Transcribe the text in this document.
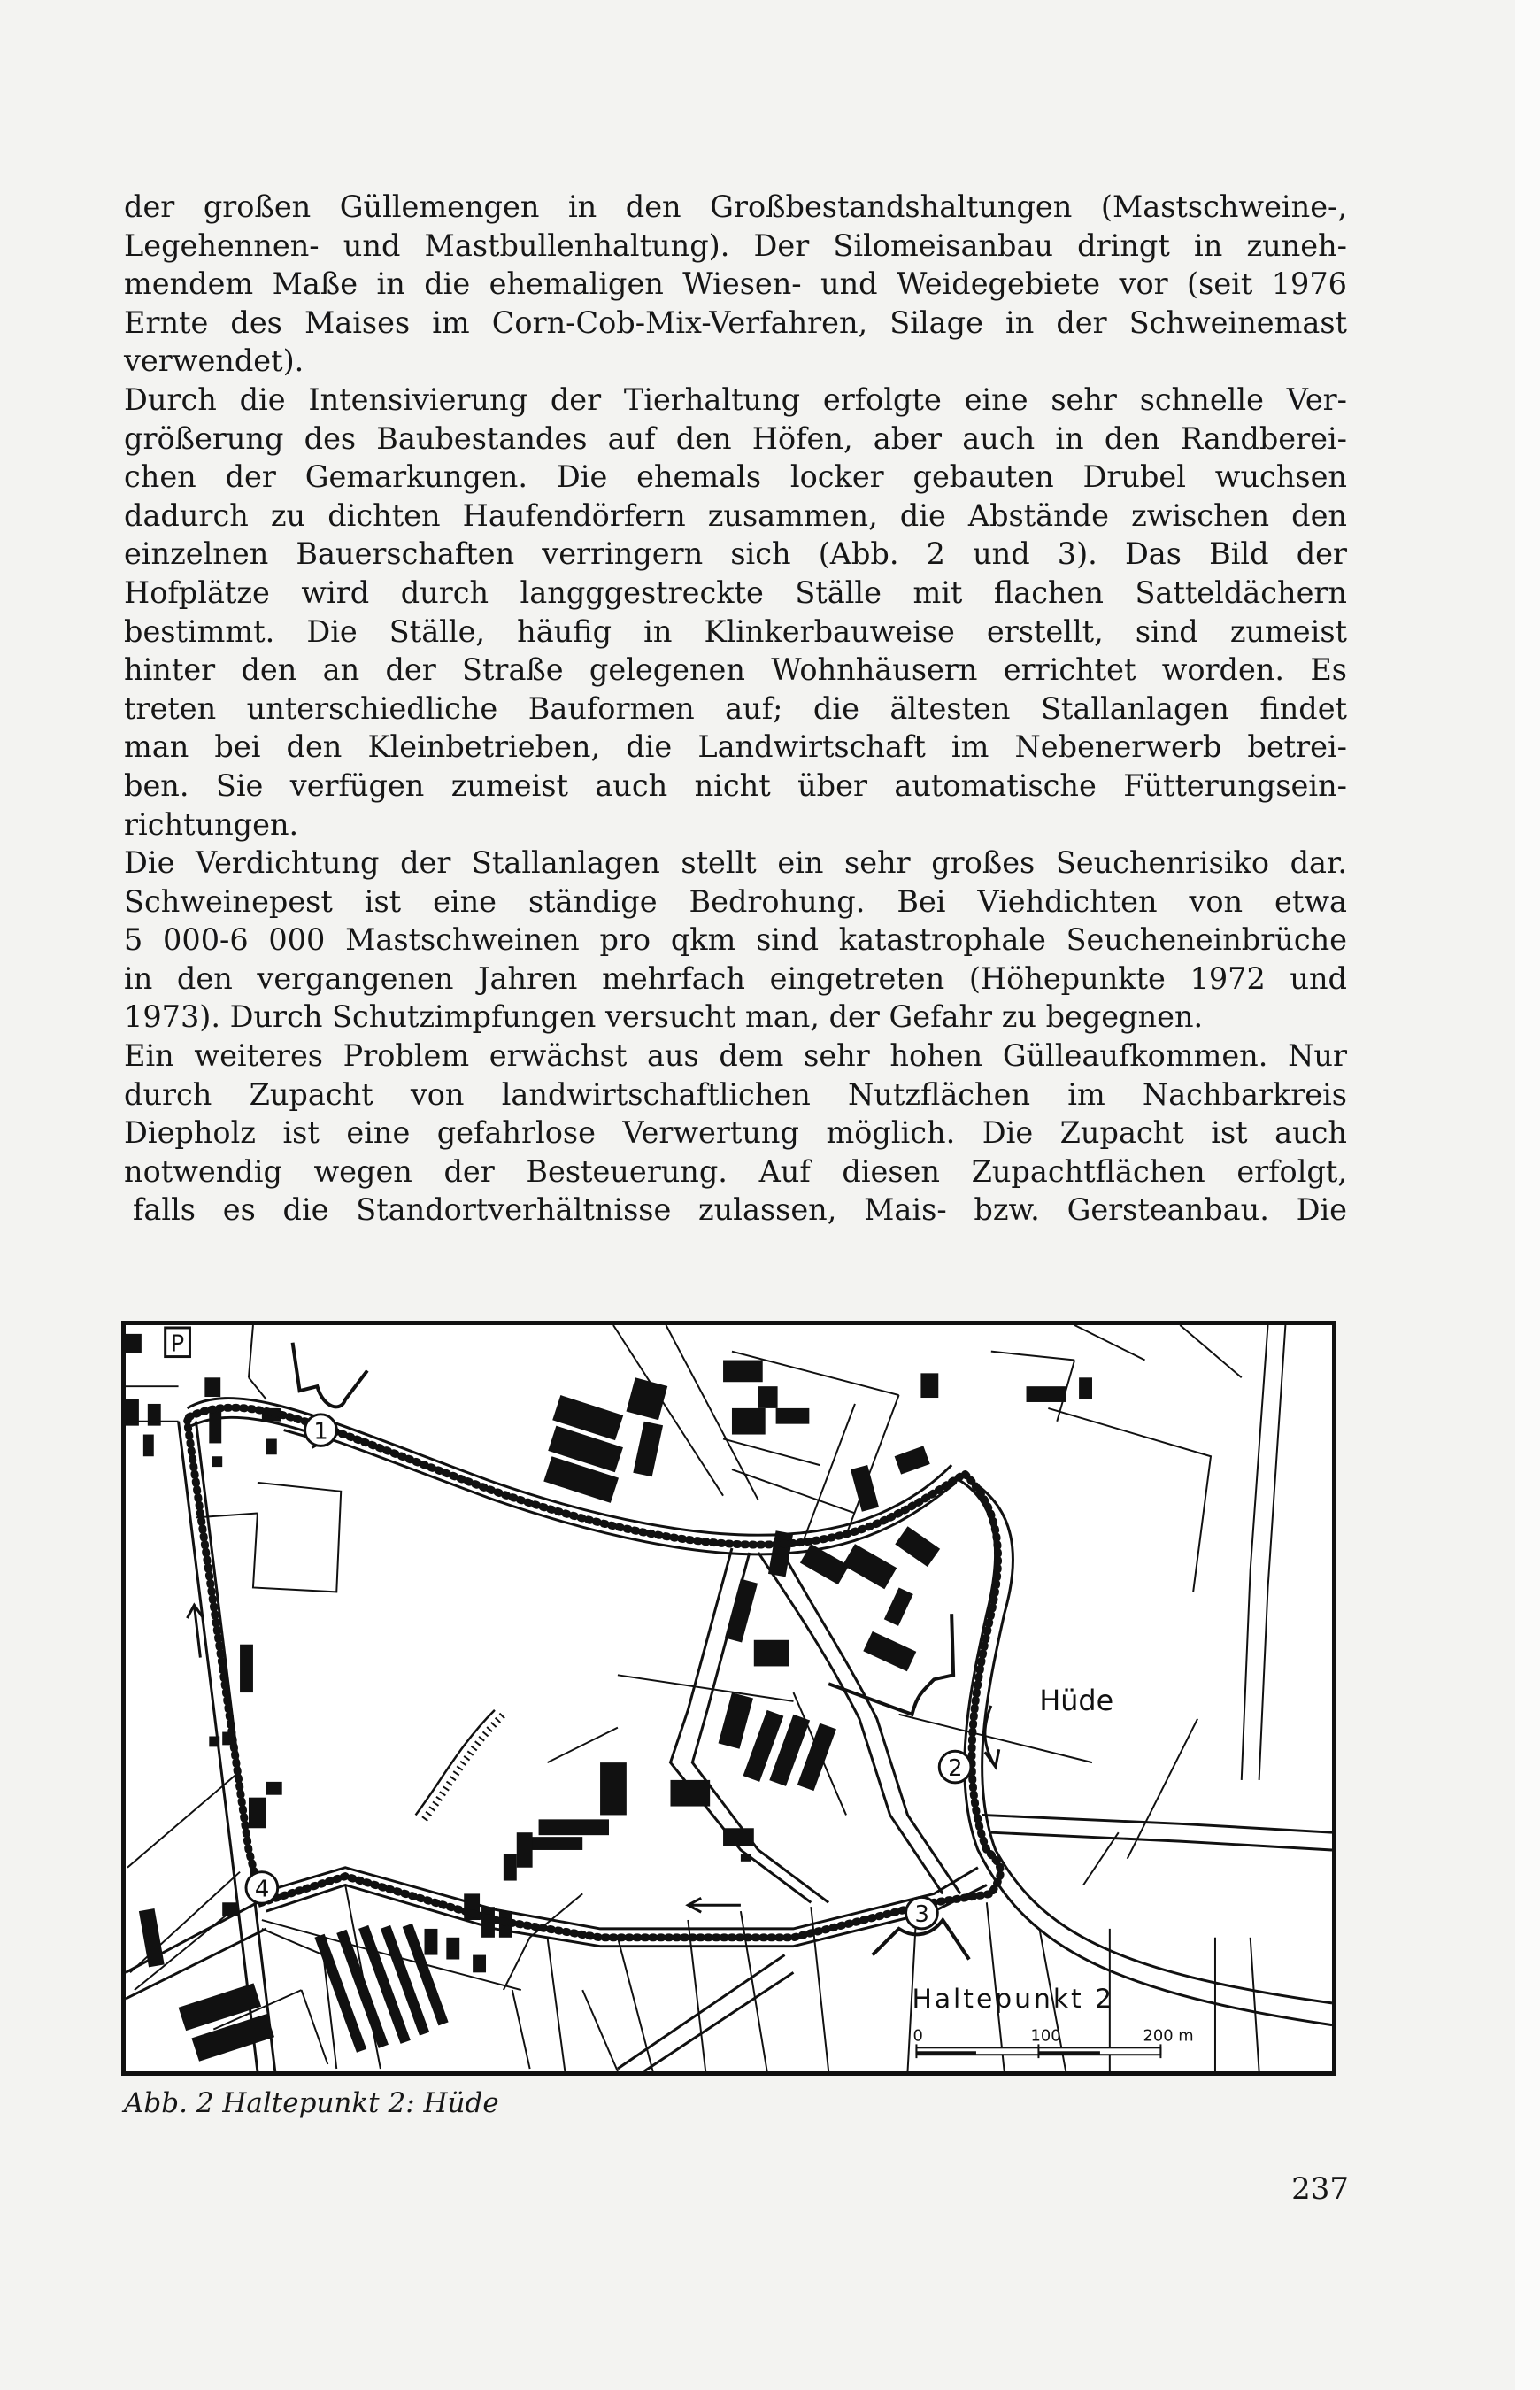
der großen Güllemengen in den Großbestandshaltungen (Mastschweine-,
Legehennen- und Mastbullenhaltung). Der Silomeisanbau dringt in zuneh-
mendem Maße in die ehemaligen Wiesen- und Weidegebiete vor (seit 1976
Ernte des Maises im Corn-Cob-Mix-Verfahren, Silage in der Schweinemast
verwendet).
Durch die Intensivierung der Tierhaltung erfolgte eine sehr schnelle Ver-
größerung des Baubestandes auf den Höfen, aber auch in den Randberei-
chen der Gemarkungen. Die ehemals locker gebauten Drubel wuchsen
dadurch zu dichten Haufendörfern zusammen, die Abstände zwischen den
einzelnen Bauerschaften verringern sich (Abb. 2 und 3). Das Bild der
Hofplätze wird durch langggestreckte Ställe mit flachen Satteldächern
bestimmt. Die Ställe, häufig in Klinkerbauweise erstellt, sind zumeist
hinter den an der Straße gelegenen Wohnhäusern errichtet worden. Es
treten unterschiedliche Bauformen auf; die ältesten Stallanlagen findet
man bei den Kleinbetrieben, die Landwirtschaft im Nebenerwerb betrei-
ben. Sie verfügen zumeist auch nicht über automatische Fütterungsein-
richtungen.
Die Verdichtung der Stallanlagen stellt ein sehr großes Seuchenrisiko dar.
Schweinepest ist eine ständige Bedrohung. Bei Viehdichten von etwa
5 000-6 000 Mastschweinen pro qkm sind katastrophale Seucheneinbrüche
in den vergangenen Jahren mehrfach eingetreten (Höhepunkte 1972 und
1973). Durch Schutzimpfungen versucht man, der Gefahr zu begegnen.
Ein weiteres Problem erwächst aus dem sehr hohen Gülleaufkommen. Nur
durch Zupacht von landwirtschaftlichen Nutzflächen im Nachbarkreis
Diepholz ist eine gefahrlose Verwertung möglich. Die Zupacht ist auch
notwendig wegen der Besteuerung. Auf diesen Zupachtflächen erfolgt,
falls es die Standortverhältnisse zulassen, Mais- bzw. Gersteanbau. Die
P
1
2
3
4
Hüde
Haltepunkt 2
0	100	200 m
Abb. 2 Haltepunkt 2: Hüde
237
